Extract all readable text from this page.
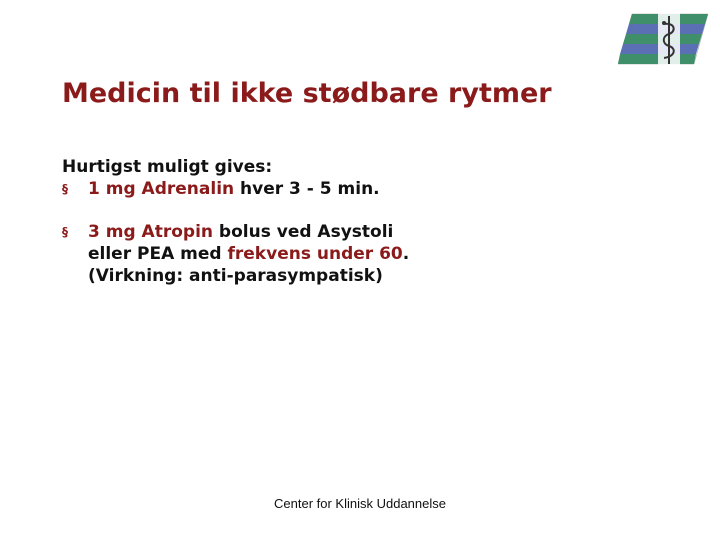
Medicin til ikke stødbare rytmer
Hurtigst muligt gives:
§	1 mg Adrenalin hver 3 - 5 min.
§	3 mg Atropin bolus ved Asystoli
eller PEA med frekvens under 60.
(Virkning: anti-parasympatisk)
Center for Klinisk Uddannelse
